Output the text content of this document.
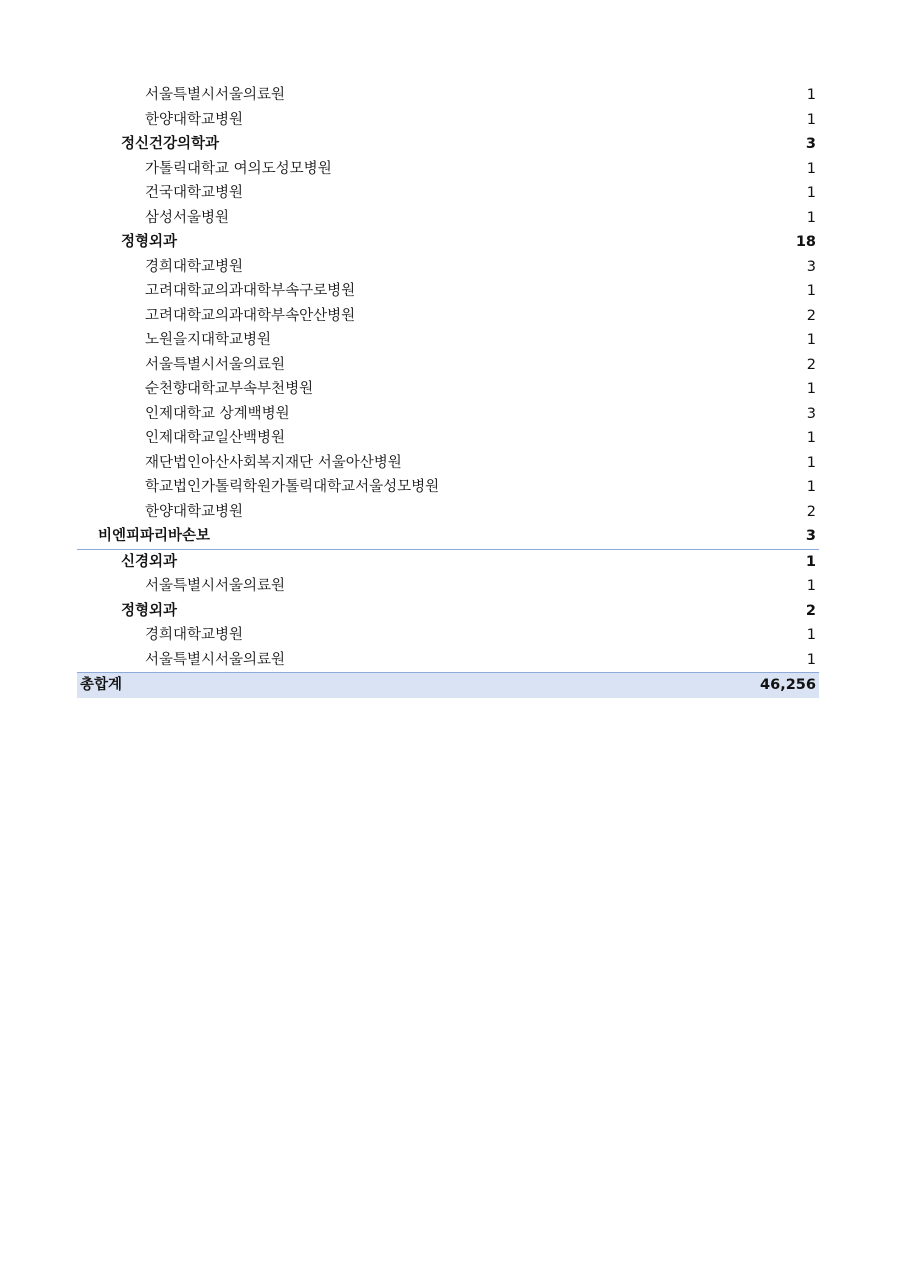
서울특별시서울의료원	1
한양대학교병원	1
정신건강의학과	3
가톨릭대학교 여의도성모병원	1
건국대학교병원	1
삼성서울병원	1
정형외과	18
경희대학교병원	3
고려대학교의과대학부속구로병원	1
고려대학교의과대학부속안산병원	2
노원을지대학교병원	1
서울특별시서울의료원	2
순천향대학교부속부천병원	1
인제대학교 상계백병원	3
인제대학교일산백병원	1
재단법인아산사회복지재단 서울아산병원	1
학교법인가톨릭학원가톨릭대학교서울성모병원	1
한양대학교병원	2
비엔피파리바손보	3
신경외과	1
서울특별시서울의료원	1
정형외과	2
경희대학교병원	1
서울특별시서울의료원	1
총합계	46,256
